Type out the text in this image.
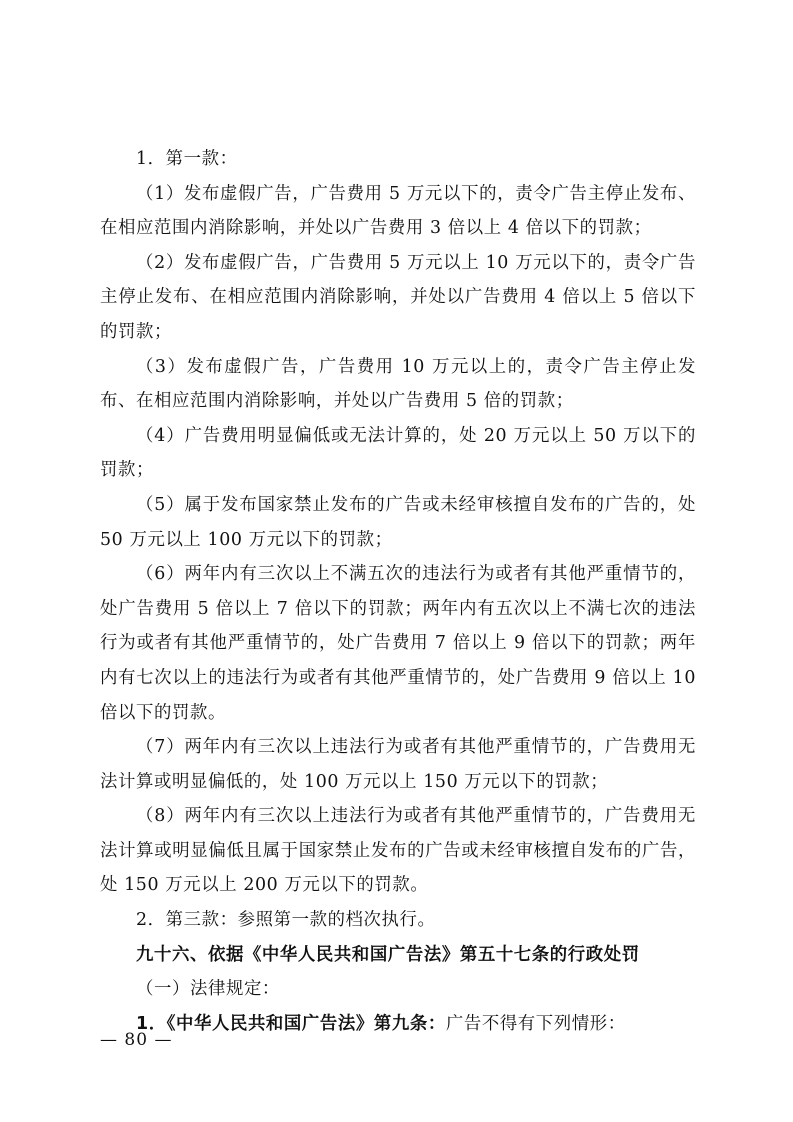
1．第一款：

（1）发布虚假广告，广告费用 5 万元以下的，责令广告主停止发布、在相应范围内消除影响，并处以广告费用 3 倍以上 4 倍以下的罚款；

（2）发布虚假广告，广告费用 5 万元以上 10 万元以下的，责令广告主停止发布、在相应范围内消除影响，并处以广告费用 4 倍以上 5 倍以下的罚款；

（3）发布虚假广告，广告费用 10 万元以上的，责令广告主停止发布、在相应范围内消除影响，并处以广告费用 5 倍的罚款；

（4）广告费用明显偏低或无法计算的，处 20 万元以上 50 万以下的罚款；

（5）属于发布国家禁止发布的广告或未经审核擅自发布的广告的，处 50 万元以上 100 万元以下的罚款；

（6）两年内有三次以上不满五次的违法行为或者有其他严重情节的，处广告费用 5 倍以上 7 倍以下的罚款；两年内有五次以上不满七次的违法行为或者有其他严重情节的，处广告费用 7 倍以上 9 倍以下的罚款；两年内有七次以上的违法行为或者有其他严重情节的，处广告费用 9 倍以上 10 倍以下的罚款。

（7）两年内有三次以上违法行为或者有其他严重情节的，广告费用无法计算或明显偏低的，处 100 万元以上 150 万元以下的罚款；

（8）两年内有三次以上违法行为或者有其他严重情节的，广告费用无法计算或明显偏低且属于国家禁止发布的广告或未经审核擅自发布的广告，处 150 万元以上 200 万元以下的罚款。

2．第三款：参照第一款的档次执行。

九十六、依据《中华人民共和国广告法》第五十七条的行政处罚

（一）法律规定：

1．《中华人民共和国广告法》第九条：广告不得有下列情形：

— 80 —
